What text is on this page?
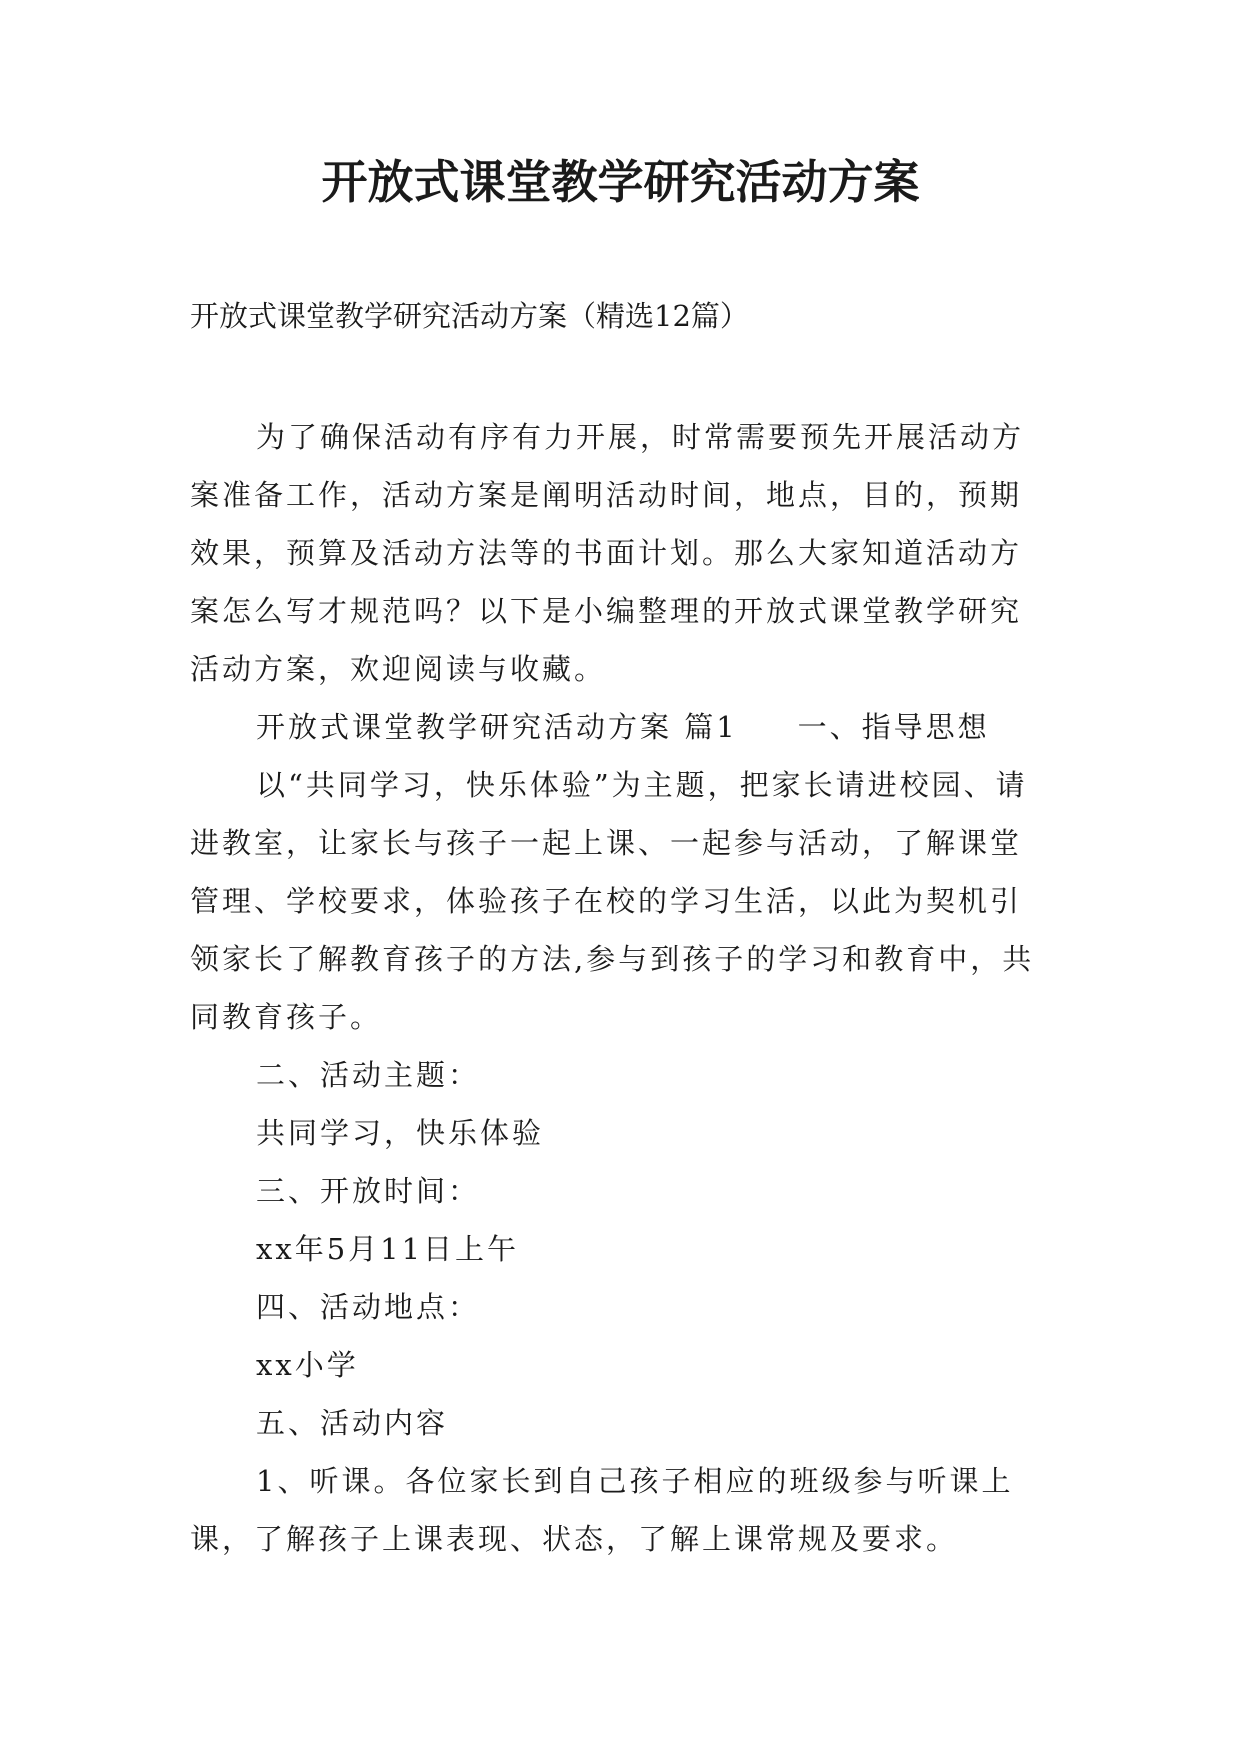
开放式课堂教学研究活动方案

开放式课堂教学研究活动方案（精选12篇）

为了确保活动有序有力开展，时常需要预先开展活动方案准备工作，活动方案是阐明活动时间，地点，目的，预期效果，预算及活动方法等的书面计划。那么大家知道活动方案怎么写才规范吗？以下是小编整理的开放式课堂教学研究活动方案，欢迎阅读与收藏。

开放式课堂教学研究活动方案 篇1 一、指导思想

以“共同学习，快乐体验”为主题，把家长请进校园、请进教室，让家长与孩子一起上课、一起参与活动，了解课堂管理、学校要求，体验孩子在校的学习生活，以此为契机引领家长了解教育孩子的方法,参与到孩子的学习和教育中，共同教育孩子。

二、活动主题：

共同学习，快乐体验

三、开放时间：

xx年5月11日上午

四、活动地点：

xx小学

五、活动内容

1、听课。各位家长到自己孩子相应的班级参与听课上课，了解孩子上课表现、状态，了解上课常规及要求。
